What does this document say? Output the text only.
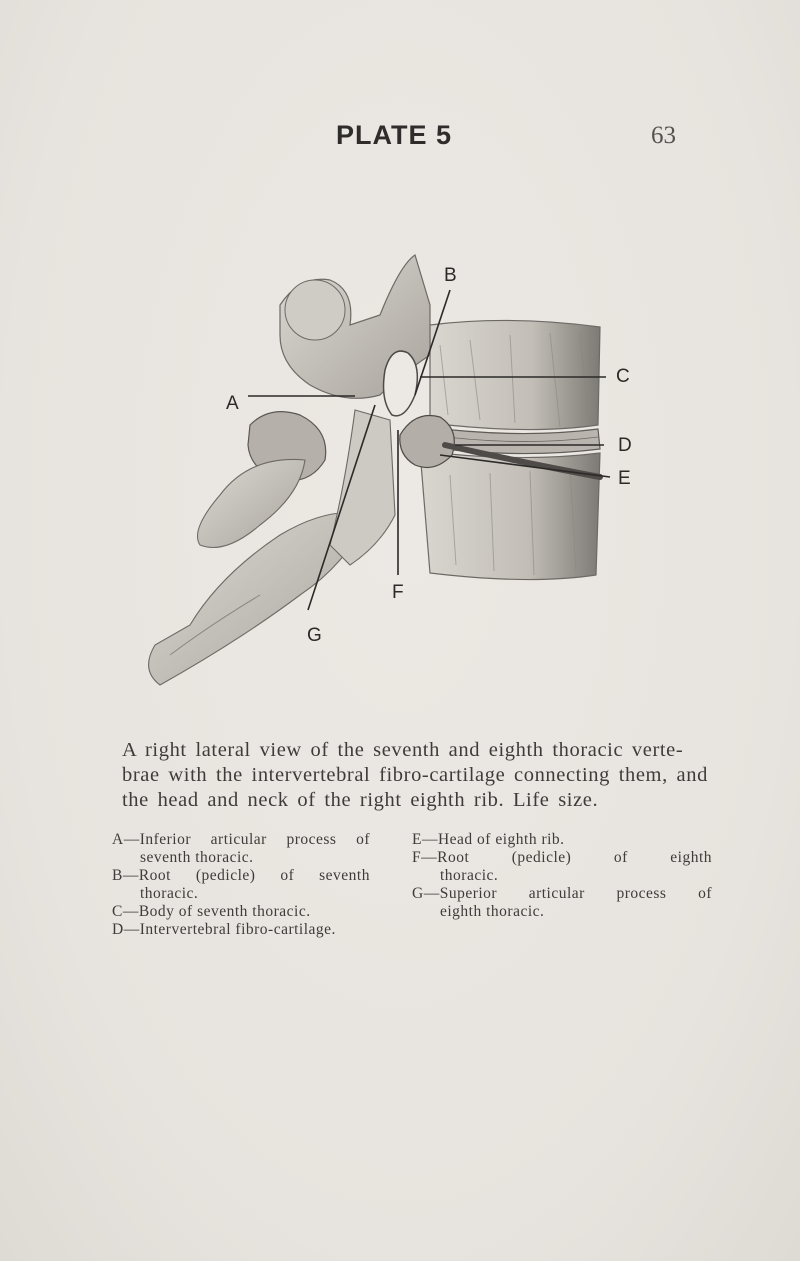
PLATE 5	63
A
B
C
D
E
F
G
A right lateral view of the seventh and eighth thoracic verte-
brae with the intervertebral fibro-cartilage connecting them, and
the head and neck of the right eighth rib. Life size.
A—Inferior articular process of
seventh thoracic.
B—Root (pedicle) of seventh
thoracic.
C—Body of seventh thoracic.
D—Intervertebral fibro-cartilage.
E—Head of eighth rib.
F—Root (pedicle) of eighth
thoracic.
G—Superior articular process of
eighth thoracic.
